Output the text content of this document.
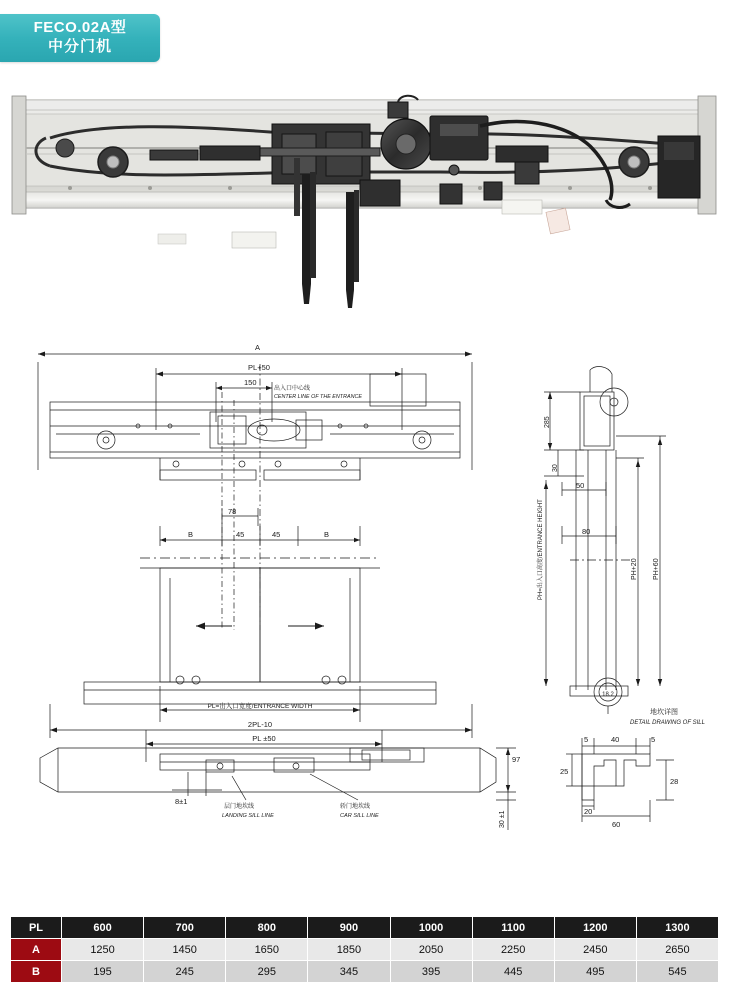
FECO.02A型
中分门机
A
PL+50
150
出入口中心线
CENTER LINE OF THE ENTRANCE
78
B	B
45	45
PL=出入口宽度/ENTRANCE WIDTH
2PL-10
PH=出入口高度/ENTRANCE HEIGHT	PH+20 PH+60
285
30
50
80
18.2
地坎详图
DETAIL DRAWING OF SILL
PL ±50
8±1
层门地坎线
LANDING SILL LINE
轿门地坎线
CAR SILL LINE
97
30 ±1
5	40	5
25
28
20
60
PL	600	700	800	900	1000	1100	1200	1300
A	1250	1450	1650	1850	2050	2250	2450	2650
B	195	245	295	345	395	445	495	545
